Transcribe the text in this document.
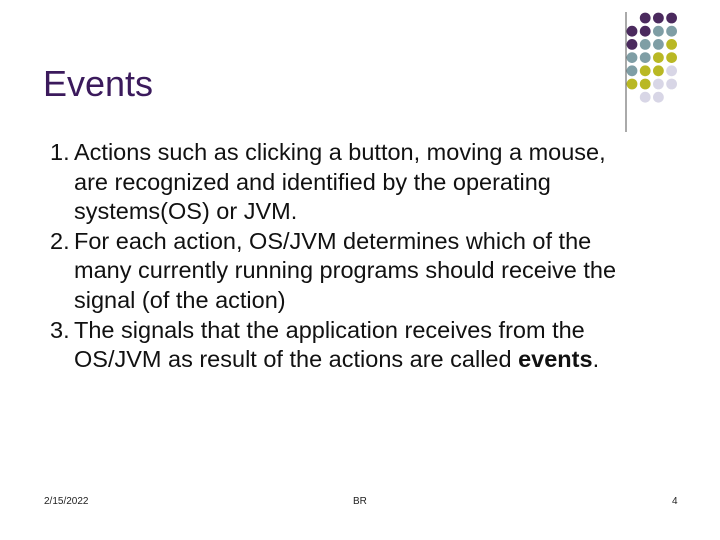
Events

1. Actions such as clicking a button, moving a mouse,
are recognized and identified by the operating
systems(OS) or JVM.

2. For each action, OS/JVM determines which of the
many currently running programs should receive the
signal (of the action)

3. The signals that the application receives from the
OS/JVM as result of the actions are called events.

2/15/2022	BR	4
